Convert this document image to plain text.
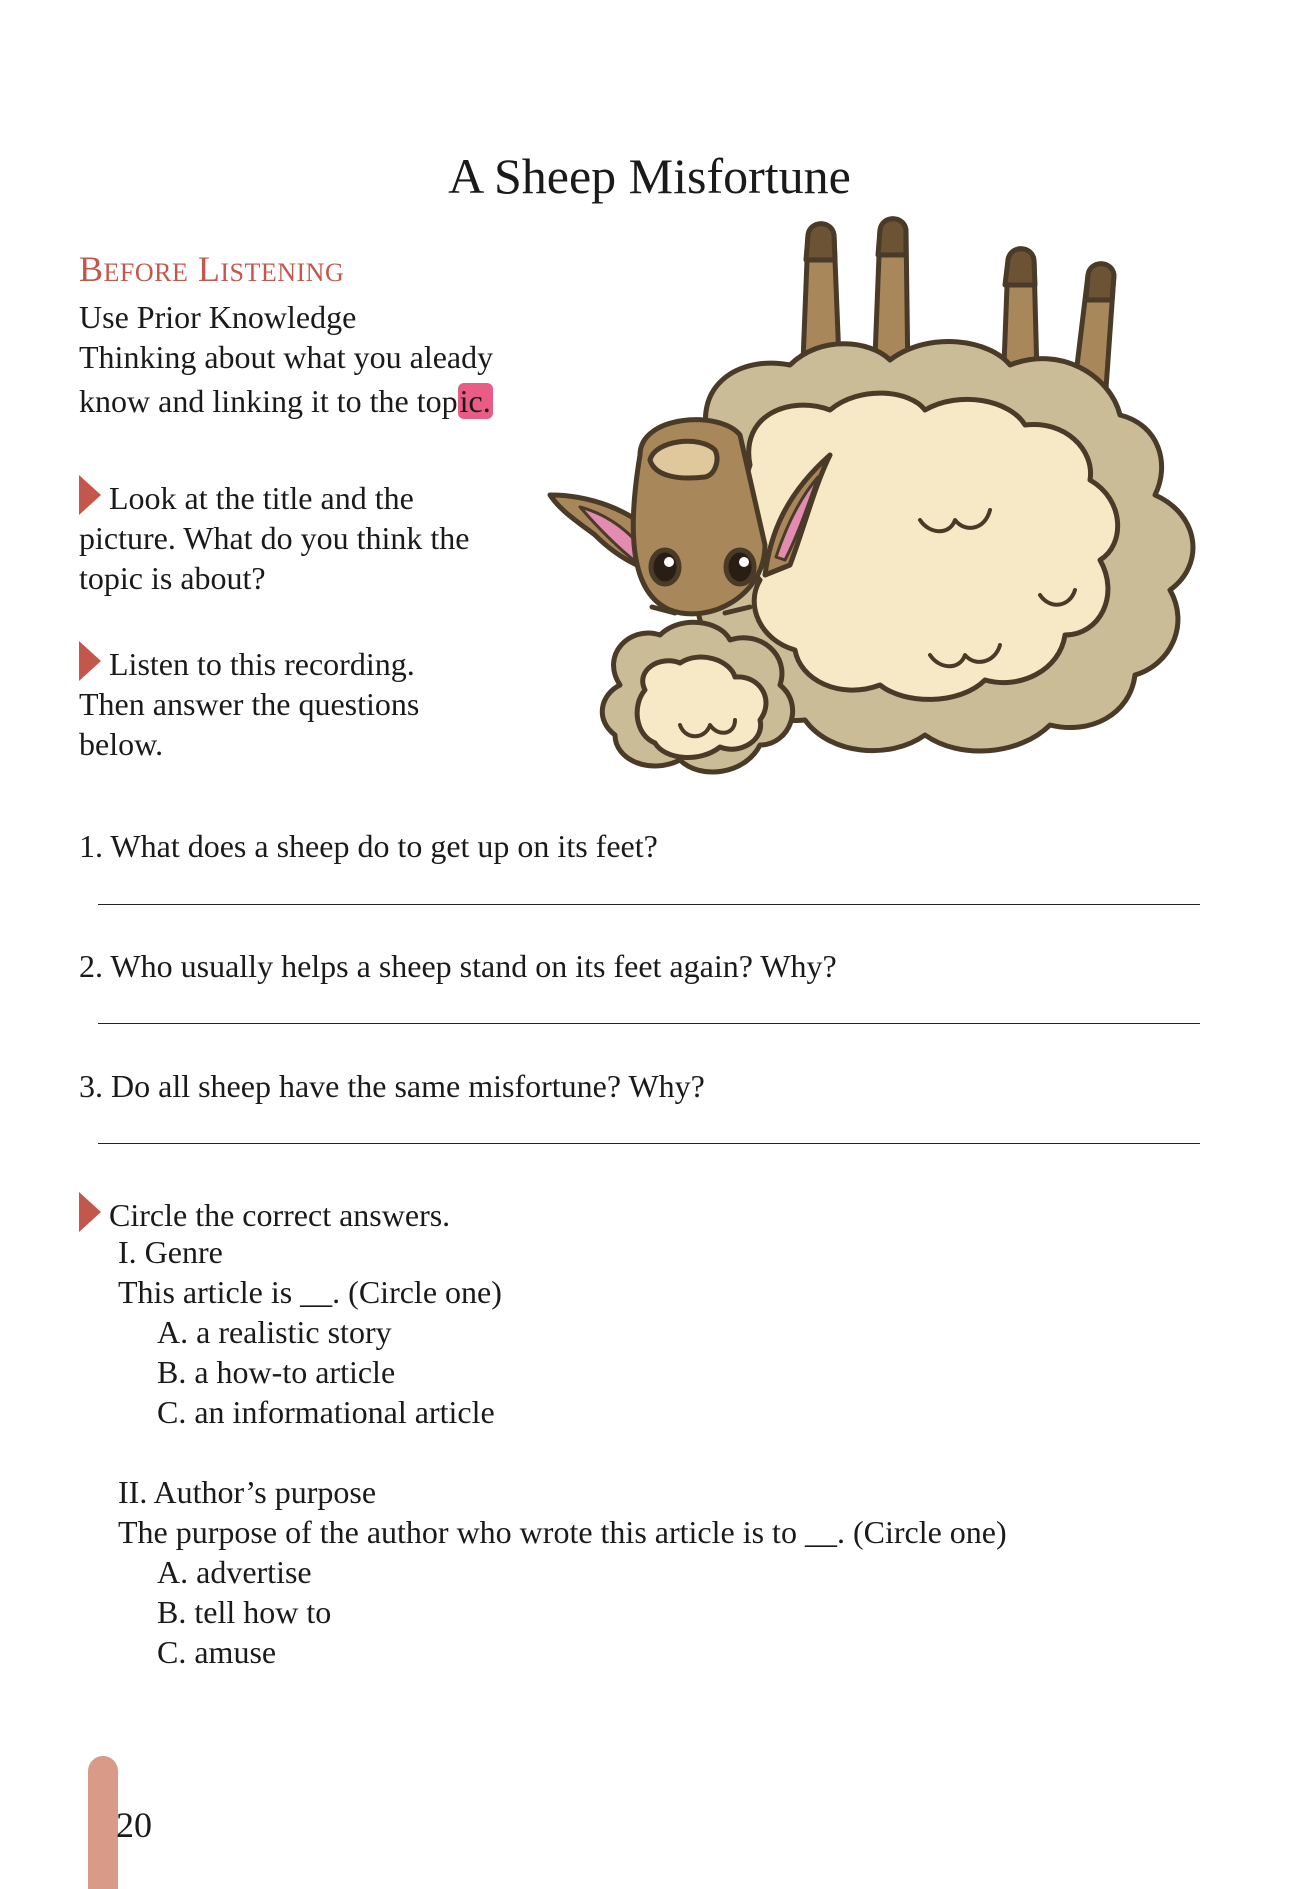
A Sheep Misfortune
BEFORE LISTENING
Use Prior Knowledge
Thinking about what you aleady
know and linking it to the topic.
Look at the title and the
picture. What do you think the
topic is about?
Listen to this recording.
Then answer the questions
below.
1. What does a sheep do to get up on its feet?
2. Who usually helps a sheep stand on its feet again? Why?
3. Do all sheep have the same misfortune? Why?
Circle the correct answers.
I. Genre
This article is __. (Circle one)
A. a realistic story
B. a how-to article
C. an informational article
II. Author’s purpose
The purpose of the author who wrote this article is to __. (Circle one)
A. advertise
B. tell how to
C. amuse
20
